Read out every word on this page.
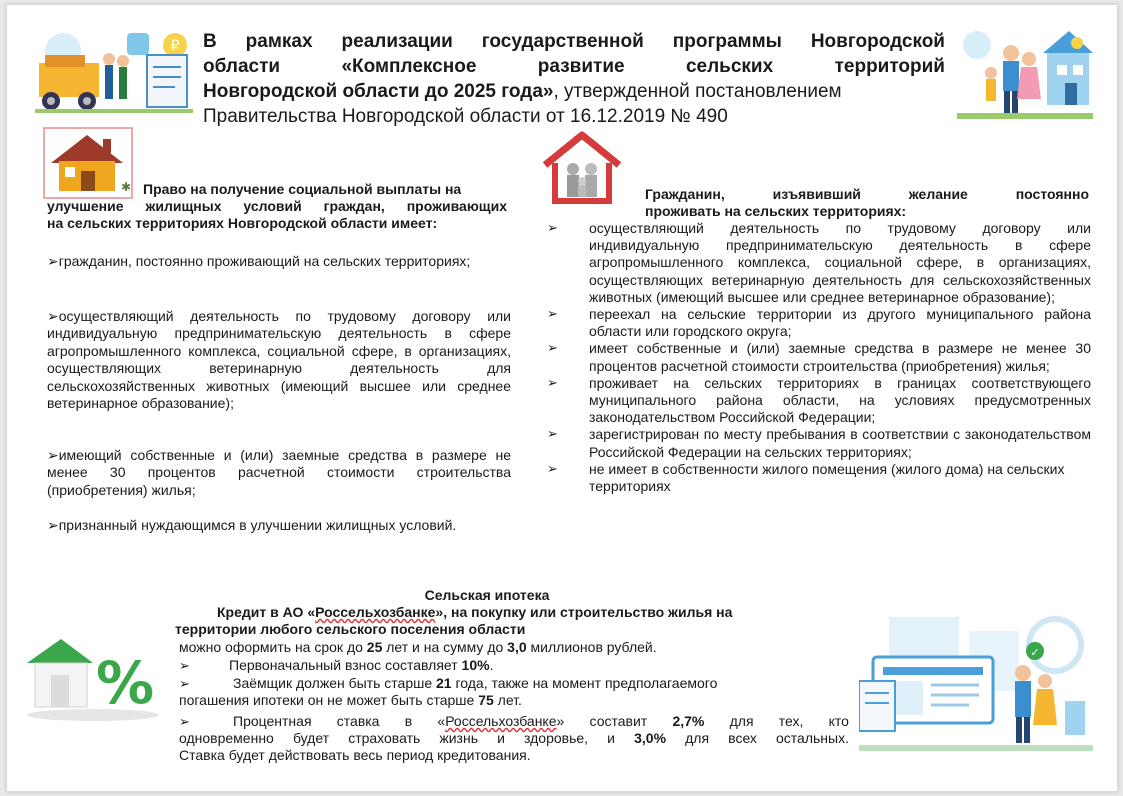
₽ В рамках реализации государственной программы Новгородской
области «Комплексное развитие сельских территорий
Новгородской области до 2025 года», утвержденной постановлением
Правительства Новгородской области от 16.12.2019 № 490
✱ Право на получение социальной выплаты на
улучшение жилищных условий граждан, проживающих
на сельских территориях Новгородской области имеет:
➢гражданин, постоянно проживающий на сельских территориях;
➢осуществляющий деятельность по трудовому договору или индивидуальную предпринимательскую деятельность в сфере агропромышленного комплекса, социальной сфере, в организациях, осуществляющих ветеринарную деятельность для сельскохозяйственных животных (имеющий высшее или среднее ветеринарное образование);
➢имеющий собственные и (или) заемные средства в размере не менее 30 процентов расчетной стоимости строительства (приобретения) жилья;
➢признанный нуждающимся в улучшении жилищных условий.
Гражданин, изъявивший желание постоянно
проживать на сельских территориях:
➢	осуществляющий деятельность по трудовому договору или индивидуальную предпринимательскую деятельность в сфере агропромышленного комплекса, социальной сфере, в организациях, осуществляющих ветеринарную деятельность для сельскохозяйственных животных (имеющий высшее или среднее ветеринарное образование);
➢	переехал на сельские территории из другого муниципального района области или городского округа;
➢	имеет собственные и (или) заемные средства в размере не менее 30 процентов расчетной стоимости строительства (приобретения) жилья;
➢	проживает на сельских территориях в границах соответствующего муниципального района области, на условиях предусмотренных законодательством Российской Федерации;
➢	зарегистрирован по месту пребывания в соответствии с законодательством Российской Федерации на сельских территориях;
➢	не имеет в собственности жилого помещения (жилого дома) на сельских территориях
%
Сельская ипотека
Кредит в АО «Россельхозбанке», на покупку или строительство жилья на
территории любого сельского поселения области
можно оформить на срок до 25 лет и на сумму до 3,0 миллионов рублей.
➢	Первоначальный взнос составляет 10%.
➢	Заёмщик должен быть старше 21 года, также на момент предполагаемого
погашения ипотеки он не может быть старше 75 лет.
➢	Процентная ставка в «Россельхозбанке» составит 2,7% для тех, кто
одновременно будет страховать жизнь и здоровье, и 3,0% для всех остальных.
Ставка будет действовать весь период кредитования.
✓
